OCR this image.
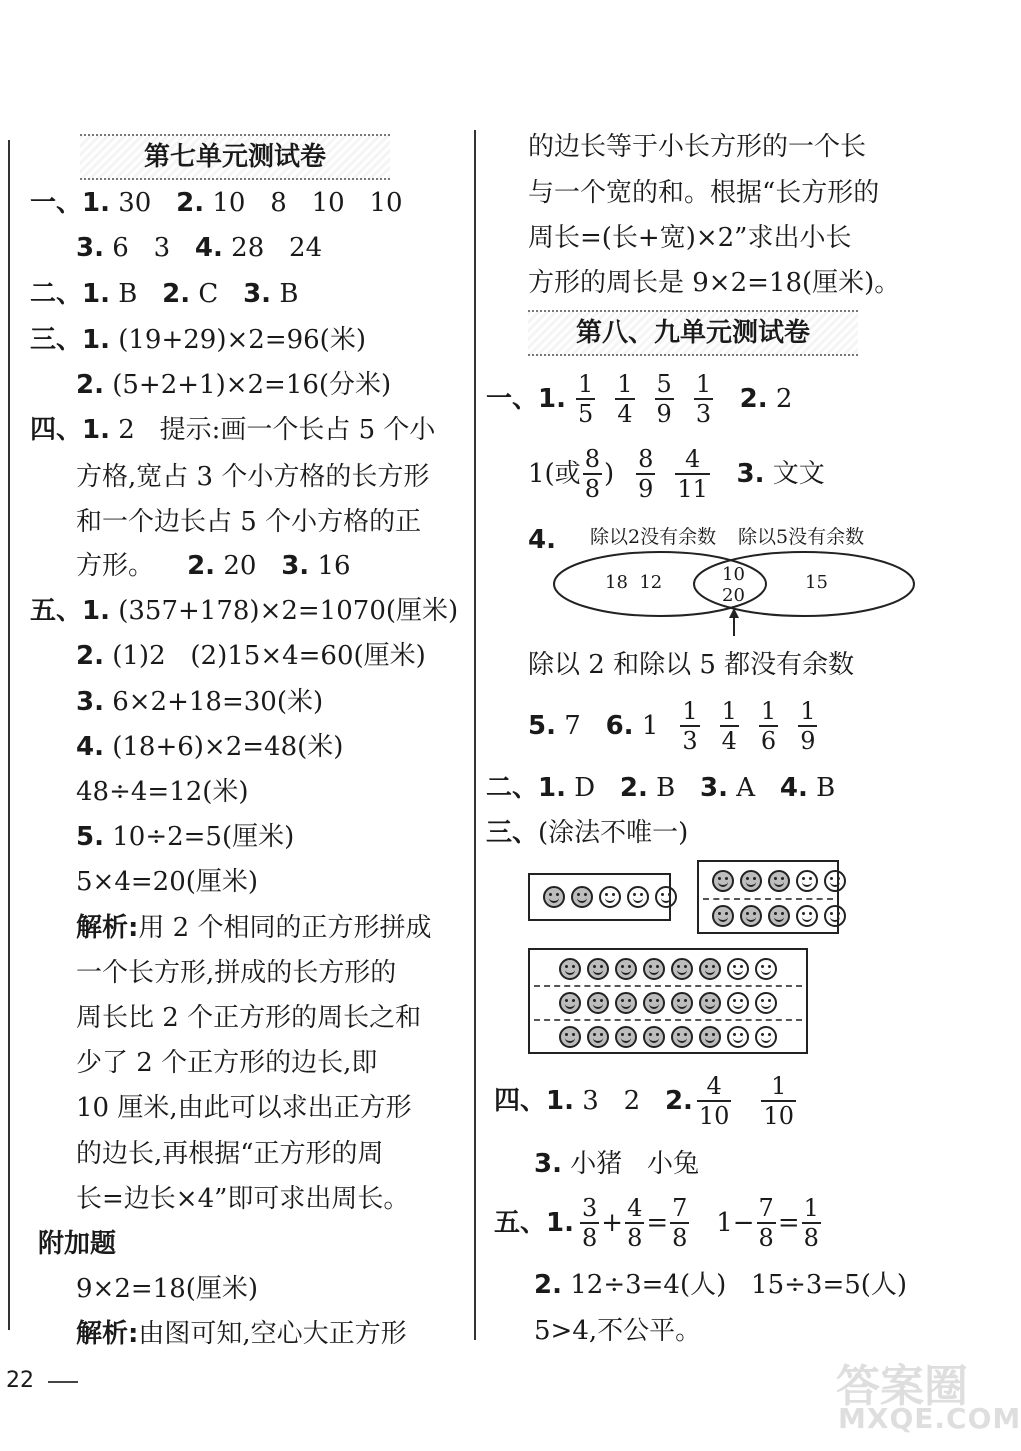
第七单元测试卷
一、1. 30 2. 10   8   10   10
3. 6   3 4. 28   24
二、1. B 2. C 3. B
三、1. (19+29)×2=96(米)
2. (5+2+1)×2=16(分米)
四、1. 2   提示:画一个长占 5 个小
方格,宽占 3 个小方格的长方形
和一个边长占 5 个小方格的正
方形。 2. 20 3. 16
五、1. (357+178)×2=1070(厘米)
2. (1)2   (2)15×4=60(厘米)
3. 6×2+18=30(米)
4. (18+6)×2=48(米)
48÷4=12(米)
5. 10÷2=5(厘米)
5×4=20(厘米)
解析:用 2 个相同的正方形拼成
一个长方形,拼成的长方形的
周长比 2 个正方形的周长之和
少了 2 个正方形的边长,即
10 厘米,由此可以求出正方形
的边长,再根据“正方形的周
长=边长×4”即可求出周长。
附加题
9×2=18(厘米)
解析:由图可知,空心大正方形
的边长等于小长方形的一个长
与一个宽的和。根据“长方形的
周长=(长+宽)×2”求出小长
方形的周长是 9×2=18(厘米)。
第八、九单元测试卷
一、 1. $\frac{1}{5} \frac{1}{4} \frac{5}{9} \frac{1}{3}$
2.
2
1(或 $\frac{8}{8}$ ) $\frac{8}{9} \frac{4}{11}$
3.
文文
4. 除以2没有余数 除以5没有余数
18  12	10
20
15
除以 2 和除以 5 都没有余数
5.
7
6.
$1 \frac{1}{3} \frac{1}{4} \frac{1}{6} \frac{1}{9}$
二、1. D 2. B 3. A 4. B
三、(涂法不唯一)
四、 1.
3   2
2. $\frac{4}{10} \frac{1}{10}$
3. 小猪   小兔
五、 1. $\frac{3}{8} + \frac{4}{8} = \frac{7}{8}$
$1- \frac{7}{8} = \frac{1}{8}$
2. 12÷3=4(人)   15÷3=5(人)
5>4,不公平。
22	答案圈
MXQE.COM
